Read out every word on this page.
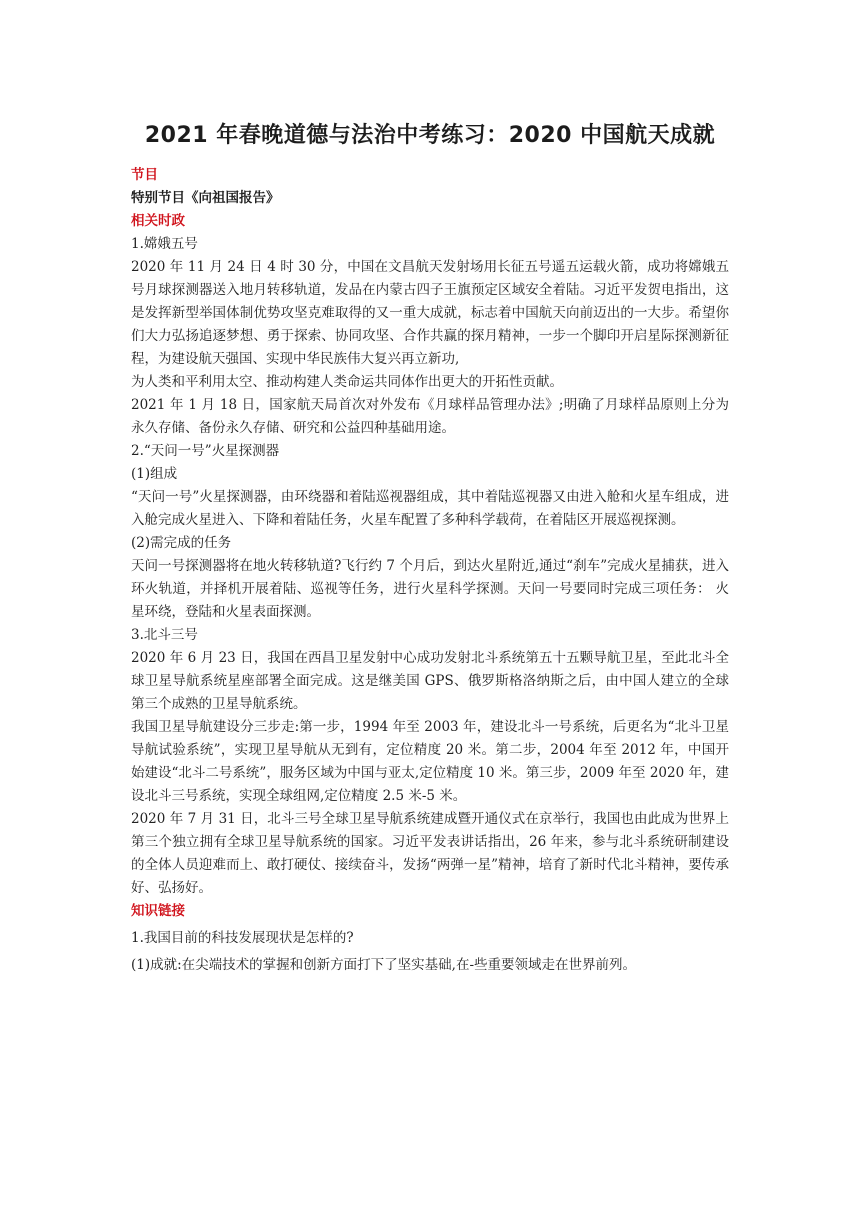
2021 年春晚道德与法治中考练习：2020 中国航天成就

节目

特别节目《向祖国报告》

相关时政

1.嫦娥五号

2020 年 11 月 24 日 4 时 30 分，中国在文昌航天发射场用长征五号遥五运载火箭，成功将嫦娥五号月球探测器送入地月转移轨道，发品在内蒙古四子王旗预定区域安全着陆。习近平发贺电指出，这是发挥新型举国体制优势攻坚克难取得的又一重大成就，标志着中国航天向前迈出的一大步。希望你们大力弘扬追逐梦想、勇于探索、协同攻坚、合作共赢的探月精神，一步一个脚印开启星际探测新征程，为建设航天强国、实现中华民族伟大复兴再立新功,

为人类和平利用太空、推动构建人类命运共同体作出更大的开拓性贡献。

2021 年 1 月 18 日，国家航天局首次对外发布《月球样品管理办法》;明确了月球样品原则上分为永久存储、备份永久存储、研究和公益四种基础用途。

2.“天问一号”火星探测器

(1)组成

“天问一号”火星探测器，由环绕器和着陆巡视器组成，其中着陆巡视器又由进入舱和火星车组成，进入舱完成火星进入、下降和着陆任务，火星车配置了多种科学载荷，在着陆区开展巡视探测。

(2)需完成的任务

天问一号探测器将在地火转移轨道?飞行约 7 个月后，到达火星附近,通过“刹车”完成火星捕获，进入环火轨道，并择机开展着陆、巡视等任务，进行火星科学探测。天问一号要同时完成三项任务： 火星环绕，登陆和火星表面探测。

3.北斗三号

2020 年 6 月 23 日，我国在西昌卫星发射中心成功发射北斗系统第五十五颗导航卫星，至此北斗全球卫星导航系统星座部署全面完成。这是继美国 GPS、俄罗斯格洛纳斯之后，由中国人建立的全球第三个成熟的卫星导航系统。

我国卫星导航建设分三步走:第一步，1994 年至 2003 年，建设北斗一号系统，后更名为“北斗卫星导航试验系统”，实现卫星导航从无到有，定位精度 20 米。第二步，2004 年至 2012 年，中国开始建设“北斗二号系统”，服务区域为中国与亚太,定位精度 10 米。第三步，2009 年至 2020 年，建设北斗三号系统，实现全球组网,定位精度 2.5 米-5 米。

2020 年 7 月 31 日，北斗三号全球卫星导航系统建成暨开通仪式在京举行，我国也由此成为世界上第三个独立拥有全球卫星导航系统的国家。习近平发表讲话指出，26 年来，参与北斗系统研制建设的全体人员迎难而上、敢打硬仗、接续奋斗，发扬“两弹一星”精神，培育了新时代北斗精神，要传承好、弘扬好。

知识链接

1.我国目前的科技发展现状是怎样的?

(1)成就:在尖端技术的掌握和创新方面打下了坚实基础,在-些重要领域走在世界前列。
